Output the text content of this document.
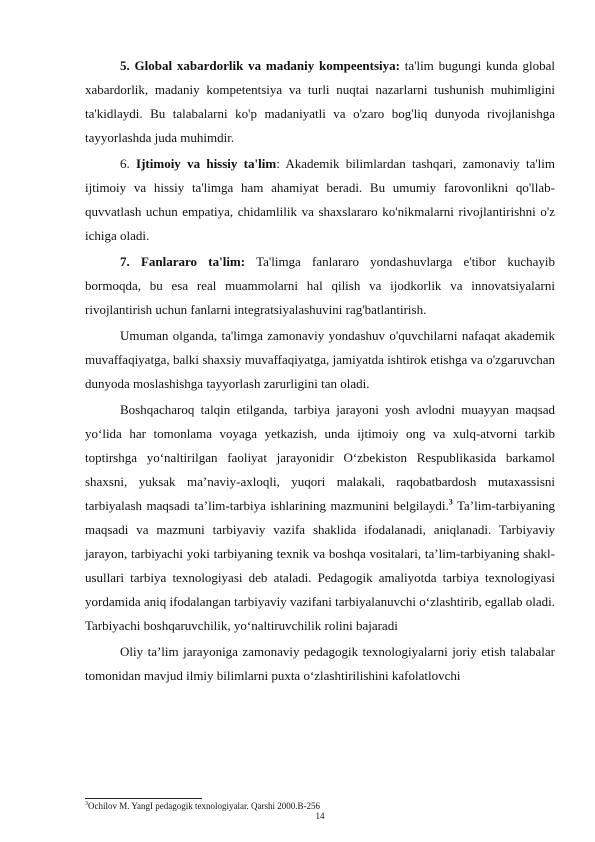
5. Global xabardorlik va madaniy kompeentsiya: ta'lim bugungi kunda global xabardorlik, madaniy kompetentsiya va turli nuqtai nazarlarni tushunish muhimligini ta'kidlaydi. Bu talabalarni ko'p madaniyatli va o'zaro bog'liq dunyoda rivojlanishga tayyorlashda juda muhimdir.

6. Ijtimoiy va hissiy ta'lim: Akademik bilimlardan tashqari, zamonaviy ta'lim ijtimoiy va hissiy ta'limga ham ahamiyat beradi. Bu umumiy farovonlikni qo'llab-quvvatlash uchun empatiya, chidamlilik va shaxslararo ko'nikmalarni rivojlantirishni o'z ichiga oladi.

7. Fanlararo ta'lim: Ta'limga fanlararo yondashuvlarga e'tibor kuchayib bormoqda, bu esa real muammolarni hal qilish va ijodkorlik va innovatsiyalarni rivojlantirish uchun fanlarni integratsiyalashuvini rag'batlantirish.

Umuman olganda, ta'limga zamonaviy yondashuv o'quvchilarni nafaqat akademik muvaffaqiyatga, balki shaxsiy muvaffaqiyatga, jamiyatda ishtirok etishga va o'zgaruvchan dunyoda moslashishga tayyorlash zarurligini tan oladi.

Boshqacharoq talqin etilganda, tarbiya jarayoni yosh avlodni muayyan maqsad yo‘lida har tomonlama voyaga yetkazish, unda ijtimoiy ong va xulq-atvorni tarkib toptirshga yo‘naltirilgan faoliyat jarayonidir O‘zbekiston Respublikasida barkamol shaxsni, yuksak ma’naviy-axloqli, yuqori malakali, raqobatbardosh mutaxassisni tarbiyalash maqsadi ta’lim-tarbiya ishlarining mazmunini belgilaydi.$^3$ Ta’lim-tarbiyaning maqsadi va mazmuni tarbiyaviy vazifa shaklida ifodalanadi, aniqlanadi. Tarbiyaviy jarayon, tarbiyachi yoki tarbiyaning texnik va boshqa vositalari, ta’lim-tarbiyaning shakl-usullari tarbiya texnologiyasi deb ataladi. Pedagogik amaliyotda tarbiya texnologiyasi yordamida aniq ifodalangan tarbiyaviy vazifani tarbiyalanuvchi o‘zlashtirib, egallab oladi. Tarbiyachi boshqaruvchilik, yo‘naltiruvchilik rolini bajaradi

Oliy ta’lim jarayoniga zamonaviy pedagogik texnologiyalarni joriy etish talabalar tomonidan mavjud ilmiy bilimlarni puxta o‘zlashtirilishini kafolatlovchi

$^3$Ochilov M. YangI pedagogik texnologiyalar. Qarshi 2000.B-256
14
